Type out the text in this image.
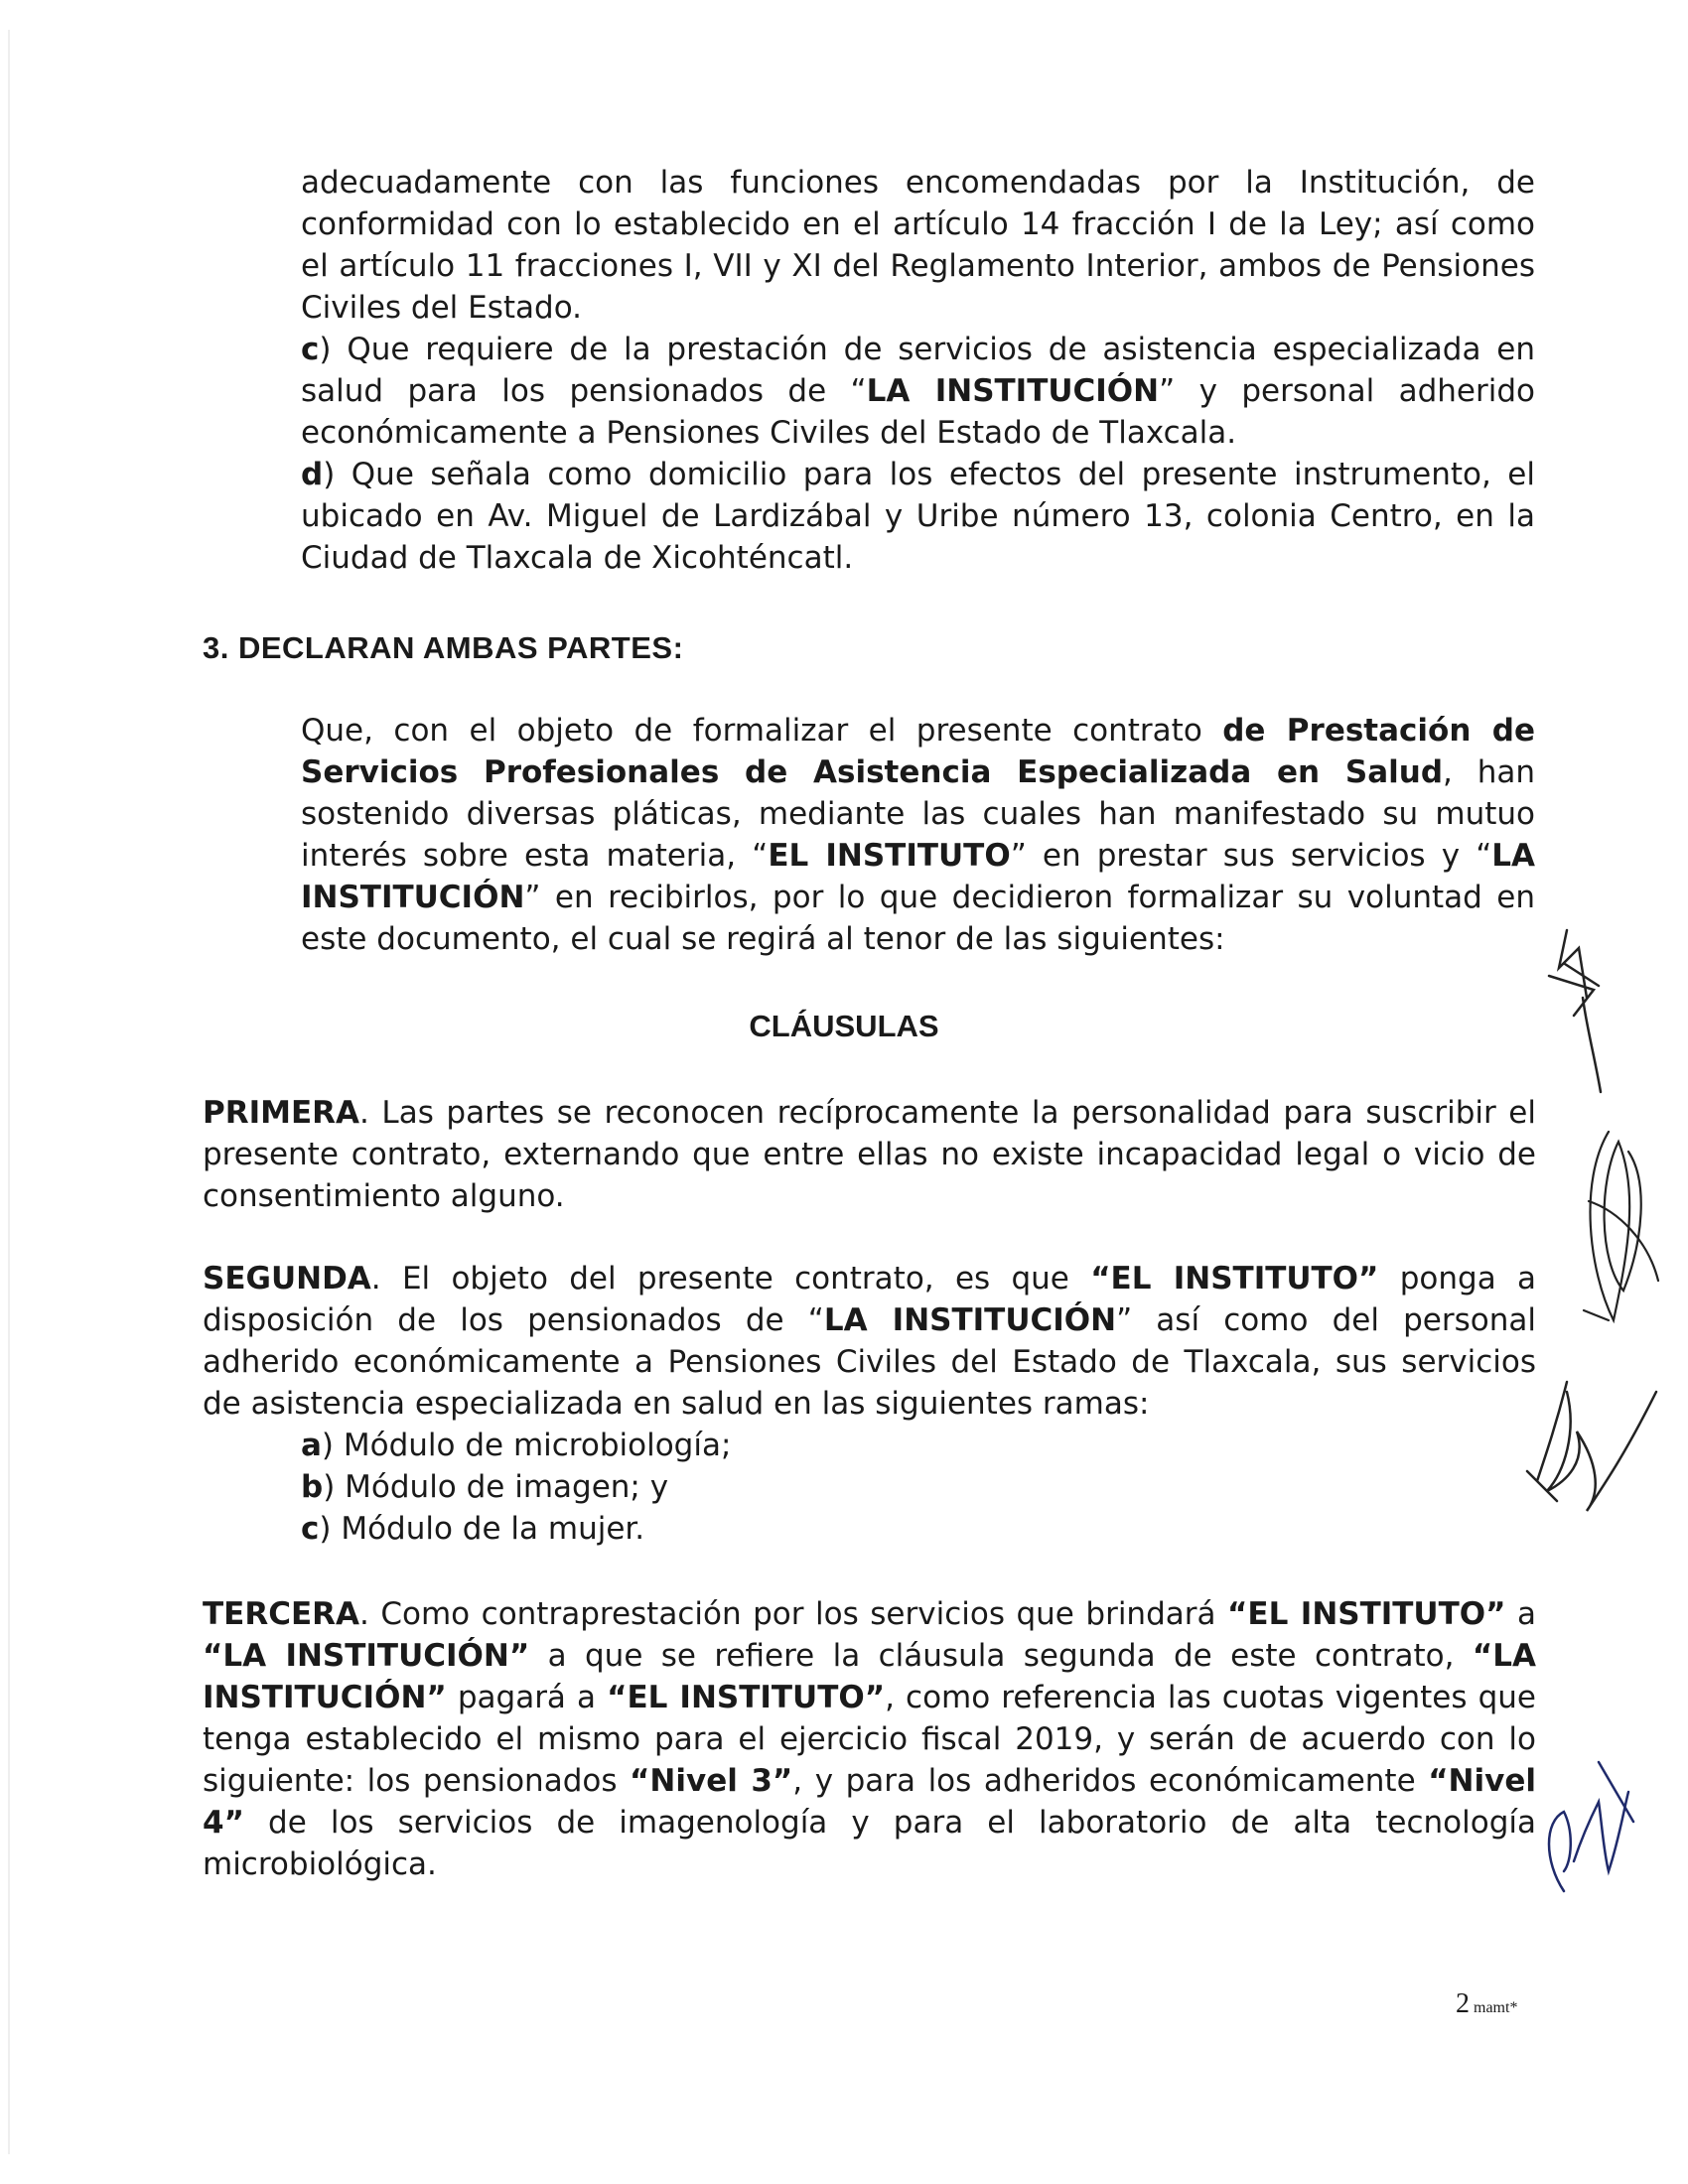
adecuadamente con las funciones encomendadas por la Institución, de conformidad con lo establecido en el artículo 14 fracción I de la Ley; así como el artículo 11 fracciones I, VII y XI del Reglamento Interior, ambos de Pensiones Civiles del Estado.

c) Que requiere de la prestación de servicios de asistencia especializada en salud para los pensionados de “LA INSTITUCIÓN” y personal adherido económicamente a Pensiones Civiles del Estado de Tlaxcala.

d) Que señala como domicilio para los efectos del presente instrumento, el ubicado en Av. Miguel de Lardizábal y Uribe número 13, colonia Centro, en la Ciudad de Tlaxcala de Xicohténcatl.

3. DECLARAN AMBAS PARTES:

Que, con el objeto de formalizar el presente contrato de Prestación de Servicios Profesionales de Asistencia Especializada en Salud, han sostenido diversas pláticas, mediante las cuales han manifestado su mutuo interés sobre esta materia, “EL INSTITUTO” en prestar sus servicios y “LA INSTITUCIÓN” en recibirlos, por lo que decidieron formalizar su voluntad en este documento, el cual se regirá al tenor de las siguientes:

CLÁUSULAS

PRIMERA. Las partes se reconocen recíprocamente la personalidad para suscribir el presente contrato, externando que entre ellas no existe incapacidad legal o vicio de consentimiento alguno.

SEGUNDA. El objeto del presente contrato, es que “EL INSTITUTO” ponga a disposición de los pensionados de “LA INSTITUCIÓN” así como del personal adherido económicamente a Pensiones Civiles del Estado de Tlaxcala, sus servicios de asistencia especializada en salud en las siguientes ramas:

a) Módulo de microbiología;

b) Módulo de imagen; y

c) Módulo de la mujer.

TERCERA. Como contraprestación por los servicios que brindará “EL INSTITUTO” a “LA INSTITUCIÓN” a que se refiere la cláusula segunda de este contrato, “LA INSTITUCIÓN” pagará a “EL INSTITUTO”, como referencia las cuotas vigentes que tenga establecido el mismo para el ejercicio fiscal 2019, y serán de acuerdo con lo siguiente: los pensionados “Nivel 3”, y para los adheridos económicamente “Nivel 4” de los servicios de imagenología y para el laboratorio de alta tecnología microbiológica.

2 mamt*
